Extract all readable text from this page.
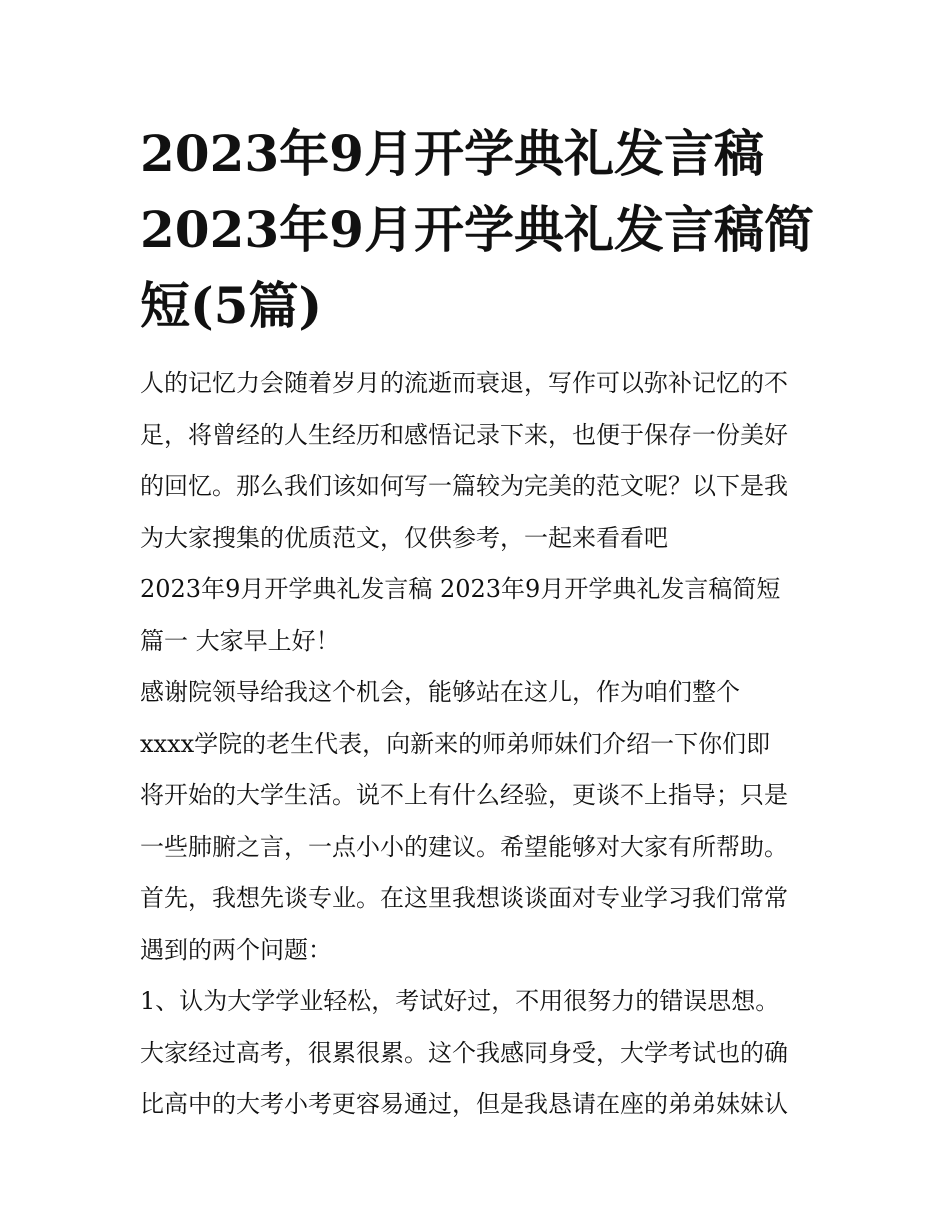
2023年9月开学典礼发言稿
2023年9月开学典礼发言稿简
短(5篇)
人的记忆力会随着岁月的流逝而衰退，写作可以弥补记忆的不
足，将曾经的人生经历和感悟记录下来，也便于保存一份美好
的回忆。那么我们该如何写一篇较为完美的范文呢？以下是我
为大家搜集的优质范文，仅供参考，一起来看看吧
2023年9月开学典礼发言稿 2023年9月开学典礼发言稿简短
篇一 大家早上好！
感谢院领导给我这个机会，能够站在这儿，作为咱们整个
xxxx学院的老生代表，向新来的师弟师妹们介绍一下你们即
将开始的大学生活。说不上有什么经验，更谈不上指导；只是
一些肺腑之言，一点小小的建议。希望能够对大家有所帮助。
首先，我想先谈专业。在这里我想谈谈面对专业学习我们常常
遇到的两个问题：
1、认为大学学业轻松，考试好过，不用很努力的错误思想。
大家经过高考，很累很累。这个我感同身受，大学考试也的确
比高中的大考小考更容易通过，但是我恳请在座的弟弟妹妹认
